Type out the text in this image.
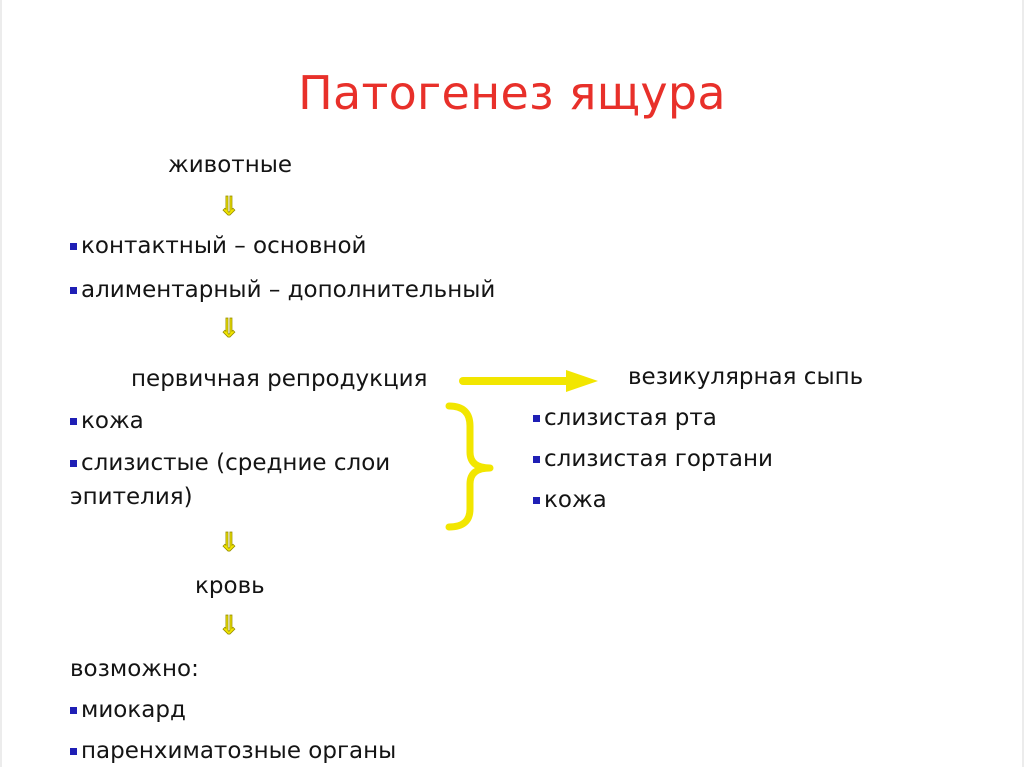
Патогенез ящура
животные
⇓
контактный – основной
алиментарный – дополнительный
⇓
первичная репродукция
кожа
слизистые (средние слои
эпителия)
везикулярная сыпь
слизистая рта
слизистая гортани
кожа
⇓
кровь
⇓
возможно:
миокард
паренхиматозные органы
